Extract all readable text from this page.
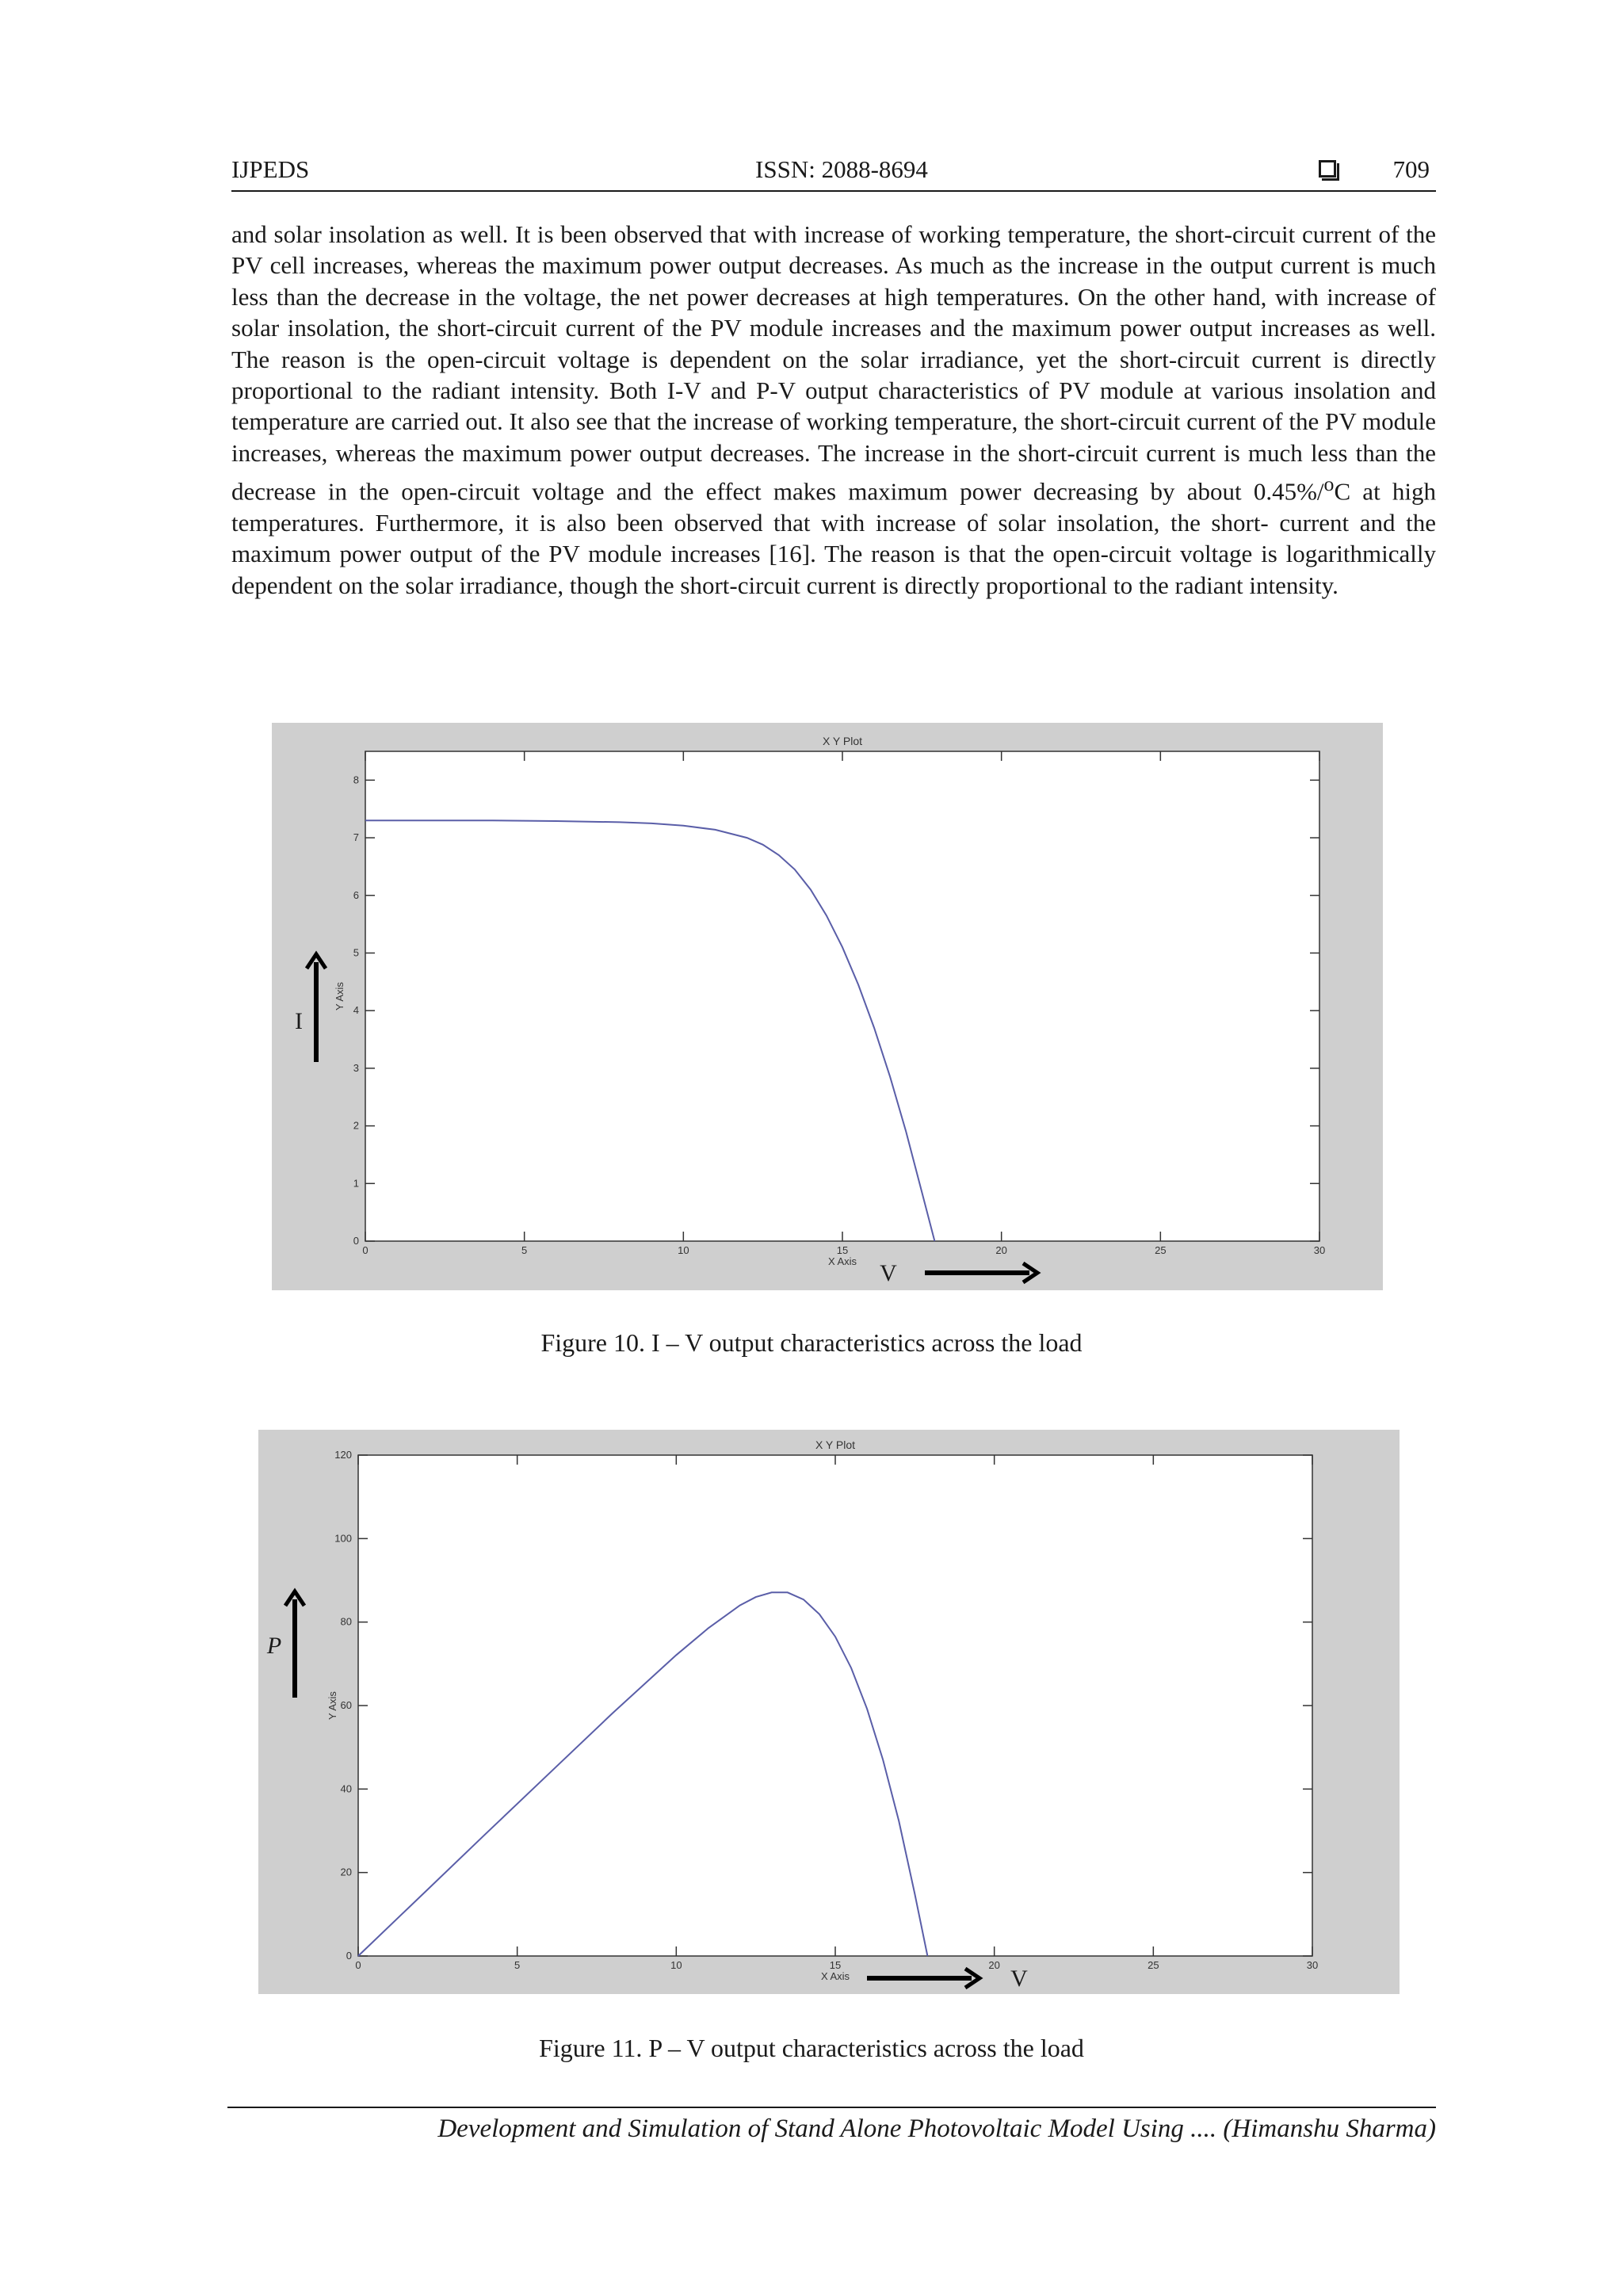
IJPEDS	ISSN: 2088-8694	709
and solar insolation as well. It is been observed that with increase of working temperature, the short-circuit current of the PV cell increases, whereas the maximum power output decreases. As much as the increase in the output current is much less than the decrease in the voltage, the net power decreases at high temperatures. On the other hand, with increase of solar insolation, the short-circuit current of the PV module increases and the maximum power output increases as well. The reason is the open-circuit voltage is dependent on the solar irradiance, yet the short-circuit current is directly proportional to the radiant intensity. Both I-V and P-V output characteristics of PV module at various insolation and temperature are carried out. It also see that the increase of working temperature, the short-circuit current of the PV module increases, whereas the maximum power output decreases. The increase in the short-circuit current is much less than the decrease in the open-circuit voltage and the effect makes maximum power decreasing by about 0.45%/$^o$C at high temperatures. Furthermore, it is also been observed that with increase of solar insolation, the short- current and the maximum power output of the PV module increases [16]. The reason is that the open-circuit voltage is logarithmically dependent on the solar irradiance, though the short-circuit current is directly proportional to the radiant intensity.
X Y Plot
0	5	10	15	20	25	30
0
1
2
3
4
5
6
7
8
X Axis
Y Axis
I
V
Figure 10. I – V output characteristics across the load
X Y Plot
0	5	10	15	20	25	30
0
20
40
60
80
100
120
X Axis
Y Axis
P
V
Figure 11. P – V output characteristics across the load
Development and Simulation of Stand Alone Photovoltaic Model Using .... (Himanshu Sharma)
